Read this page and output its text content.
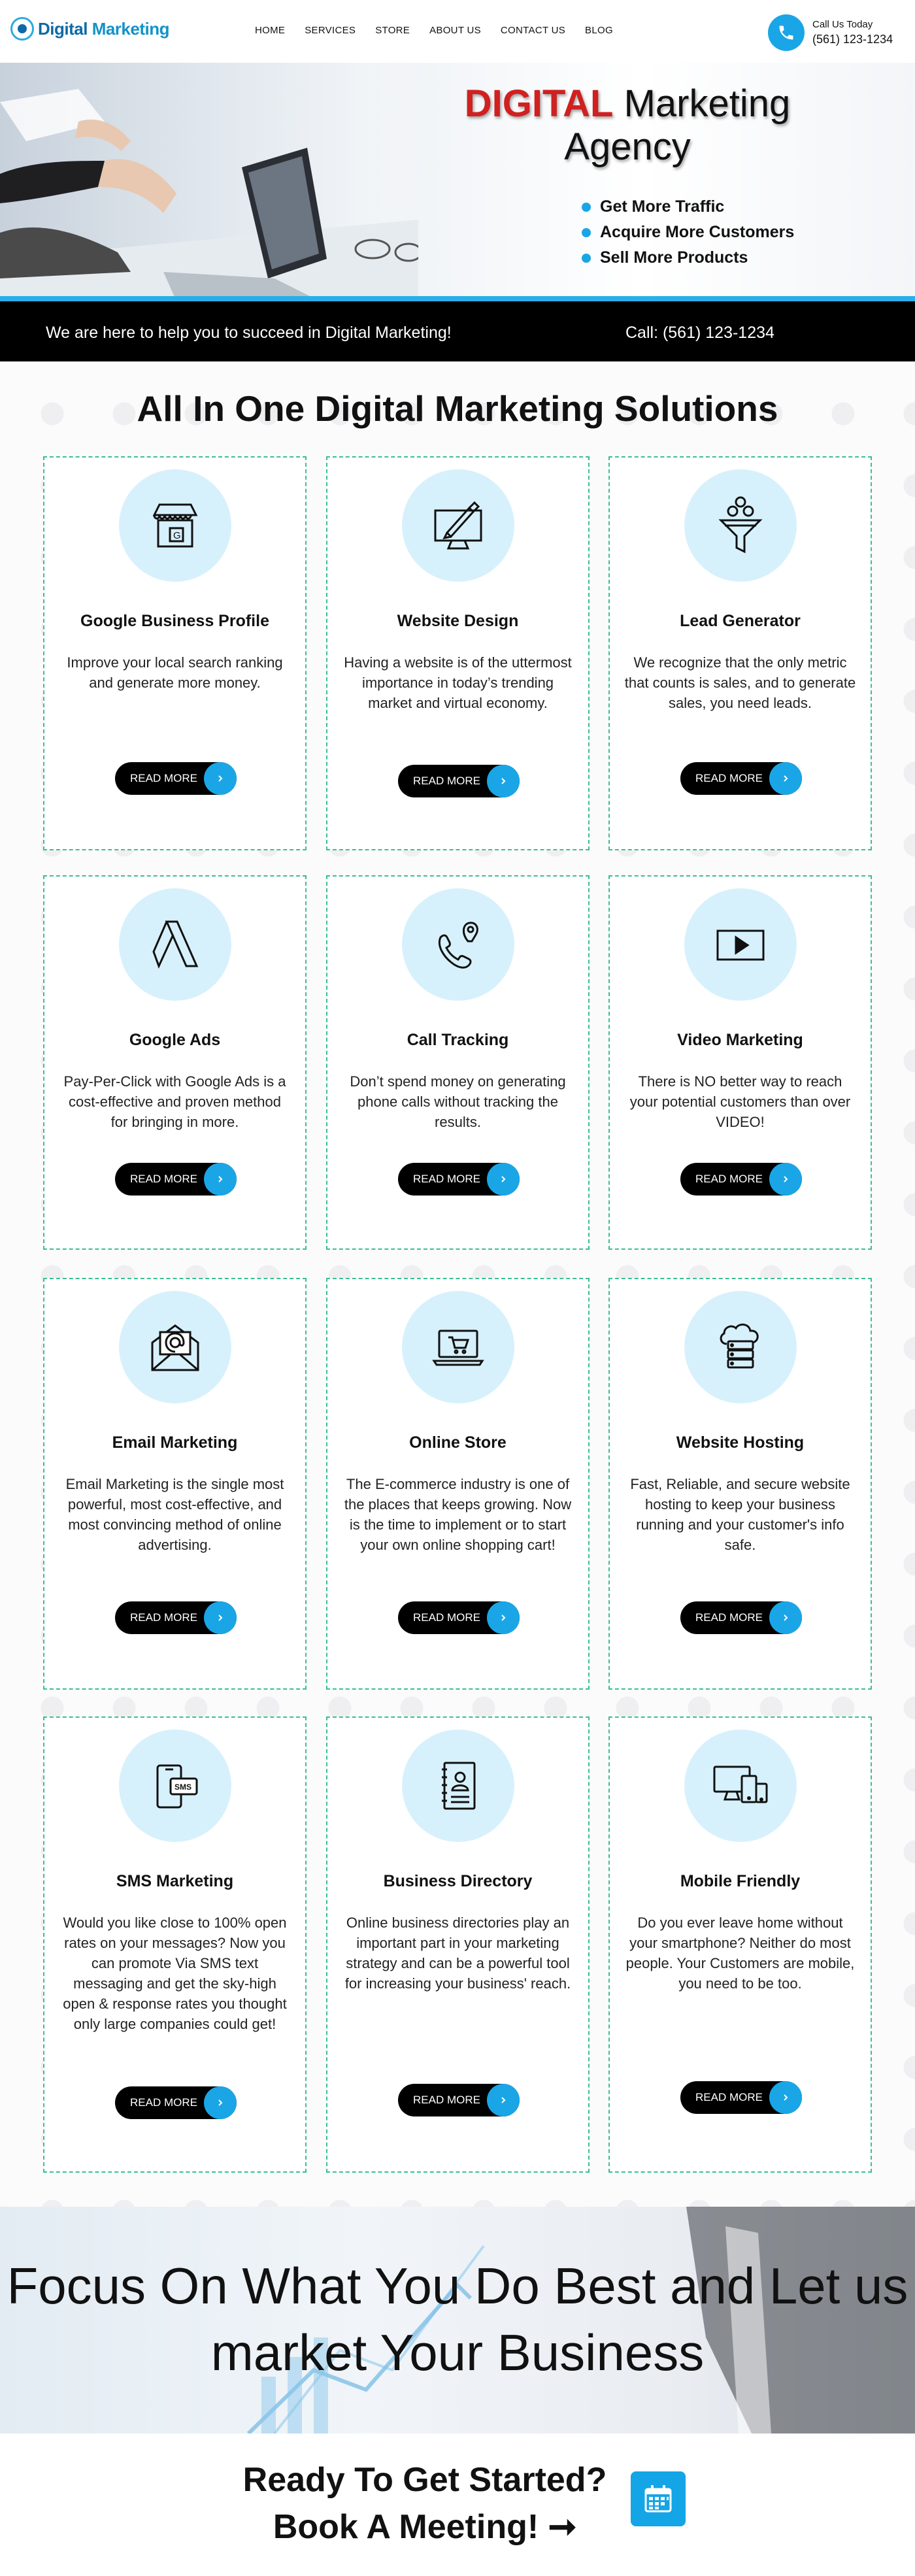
Digital Marketing	HOME SERVICES STORE ABOUT US CONTACT US BLOG
Call Us Today
(561) 123-1234
DIGITAL Marketing
Agency
Get More Traffic
Acquire More Customers
Sell More Products
We are here to help you to succeed in Digital Marketing!	Call: (561) 123-1234
All In One Digital Marketing Solutions
G
Google Business Profile
Improve your local search ranking and generate more money.
READ MORE
Website Design
Having a website is of the uttermost importance in today’s trending market and virtual economy.
READ MORE
Lead Generator
We recognize that the only metric that counts is sales, and to generate sales, you need leads.
READ MORE
Google Ads
Pay-Per-Click with Google Ads is a cost-effective and proven method for bringing in more.
READ MORE
Call Tracking
Don’t spend money on generating phone calls without tracking the results.
READ MORE
Video Marketing
There is NO better way to reach your potential customers than over VIDEO!
READ MORE
Email Marketing
Email Marketing is the single most powerful, most cost-effective, and most convincing method of online advertising.
READ MORE
Online Store
The E-commerce industry is one of the places that keeps growing. Now is the time to implement or to start your own online shopping cart!
READ MORE
Website Hosting
Fast, Reliable, and secure website hosting to keep your business running and your customer's info safe.
READ MORE
SMS
SMS Marketing
Would you like close to 100% open rates on your messages? Now you can promote Via SMS text messaging and get the sky-high open & response rates you thought only large companies could get!
READ MORE
Business Directory
Online business directories play an important part in your marketing strategy and can be a powerful tool for increasing your business' reach.
READ MORE
Mobile Friendly
Do you ever leave home without your smartphone? Neither do most people. Your Customers are mobile, you need to be too.
READ MORE
Focus On What You Do Best and Let us market Your Business
Ready To Get Started?
Book A Meeting! ➞
